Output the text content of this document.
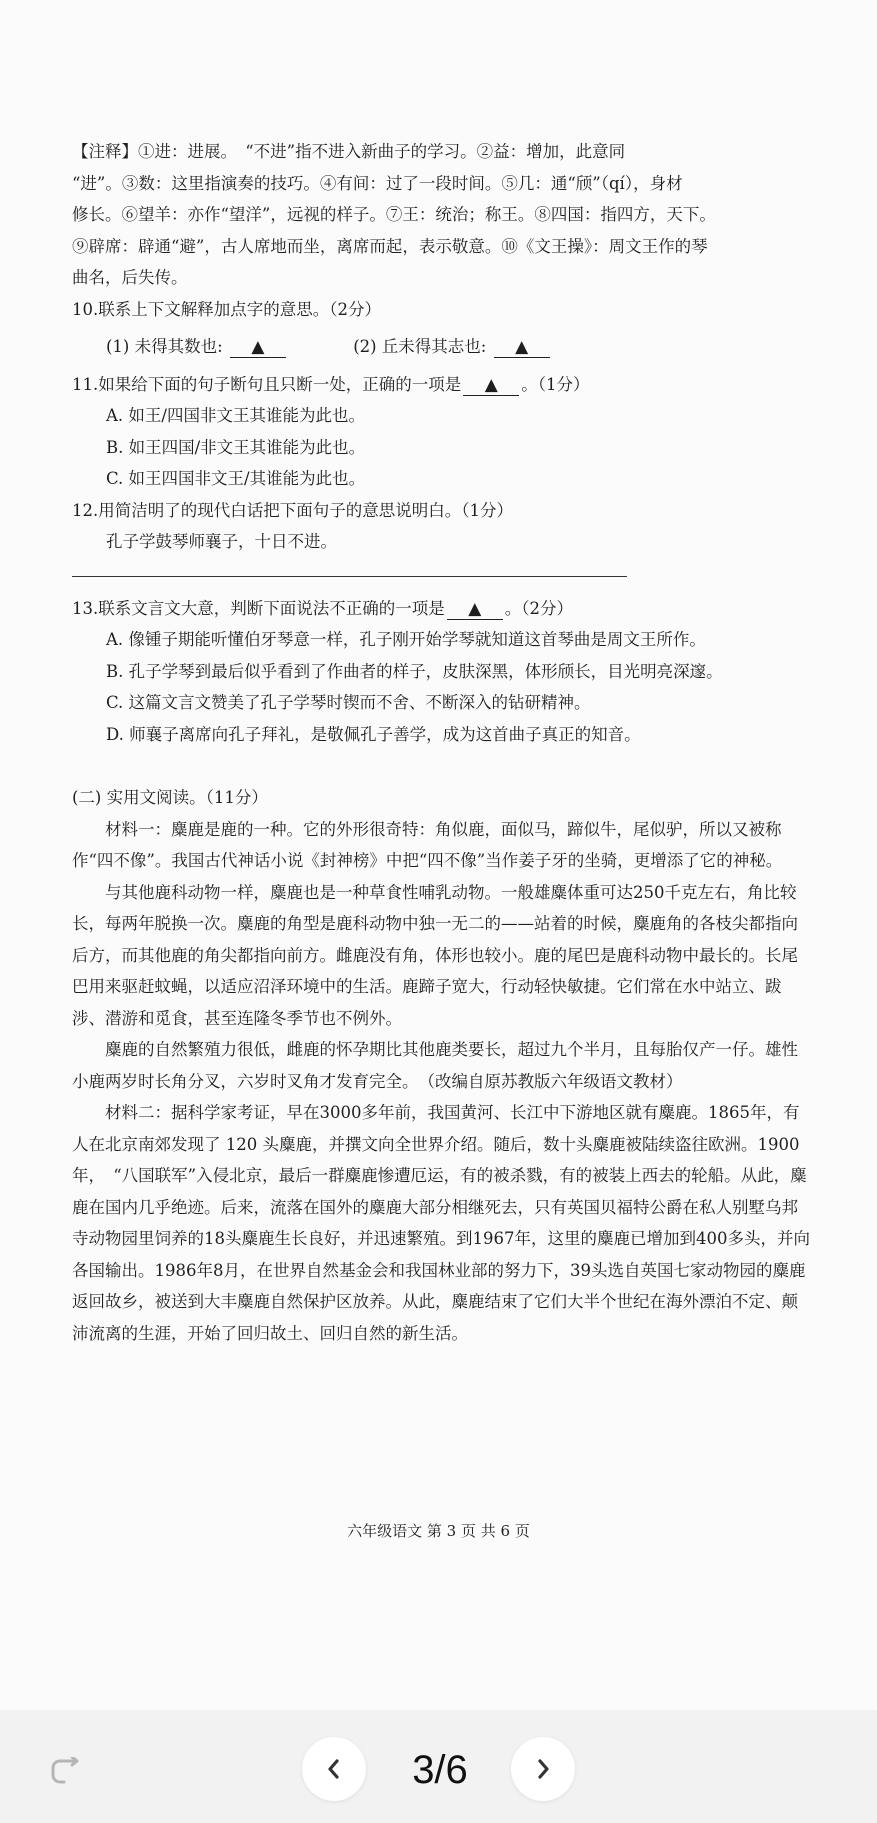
【注释】①进：进展。　“不进”指不进入新曲子的学习。②益：增加，此意同

“进”。③数：这里指演奏的技巧。④有间：过了一段时间。⑤几：通“颀”（qí），身材

修长。⑥望羊：亦作“望洋”，远视的样子。⑦王：统治；称王。⑧四国：指四方，天下。

⑨辟席：辟通“避”，古人席地而坐，离席而起，表示敬意。⑩《文王操》：周文王作的琴

曲名，后失传。

10.联系上下文解释加点字的意思。（2分）

(1) 未得其数也: ▲	(2) 丘未得其志也: ▲

11.如果给下面的句子断句且只断一处，正确的一项是 ▲ 。（1分）

A. 如王/四国非文王其谁能为此也。

B. 如王四国/非文王其谁能为此也。

C. 如王四国非文王/其谁能为此也。

12.用简洁明了的现代白话把下面句子的意思说明白。（1分）

孔子学鼓琴师襄子，十日不进。

13.联系文言文大意，判断下面说法不正确的一项是 ▲ 。（2分）

A. 像锺子期能听懂伯牙琴意一样，孔子刚开始学琴就知道这首琴曲是周文王所作。

B. 孔子学琴到最后似乎看到了作曲者的样子，皮肤深黑，体形颀长，目光明亮深邃。

C. 这篇文言文赞美了孔子学琴时锲而不舍、不断深入的钻研精神。

D. 师襄子离席向孔子拜礼，是敬佩孔子善学，成为这首曲子真正的知音。

(二) 实用文阅读。（11分）

材料一：麋鹿是鹿的一种。它的外形很奇特：角似鹿，面似马，蹄似牛，尾似驴，所以又被称作“四不像”。我国古代神话小说《封神榜》中把“四不像”当作姜子牙的坐骑，更增添了它的神秘。

与其他鹿科动物一样，麋鹿也是一种草食性哺乳动物。一般雄麋体重可达250千克左右，角比较长，每两年脱换一次。麋鹿的角型是鹿科动物中独一无二的——站着的时候，麋鹿角的各枝尖都指向后方，而其他鹿的角尖都指向前方。雌鹿没有角，体形也较小。鹿的尾巴是鹿科动物中最长的。长尾巴用来驱赶蚊蝇，以适应沼泽环境中的生活。鹿蹄子宽大，行动轻快敏捷。它们常在水中站立、跋涉、潜游和觅食，甚至连隆冬季节也不例外。

麋鹿的自然繁殖力很低，雌鹿的怀孕期比其他鹿类要长，超过九个半月，且每胎仅产一仔。雄性小鹿两岁时长角分叉，六岁时叉角才发育完全。　（改编自原苏教版六年级语文教材）

材料二：据科学家考证，早在3000多年前，我国黄河、长江中下游地区就有麋鹿。1865年，有人在北京南郊发现了 120 头麋鹿，并撰文向全世界介绍。随后，数十头麋鹿被陆续盗往欧洲。1900年，　“八国联军”入侵北京，最后一群麋鹿惨遭厄运，有的被杀戮，有的被装上西去的轮船。从此，麋鹿在国内几乎绝迹。后来，流落在国外的麋鹿大部分相继死去，只有英国贝福特公爵在私人别墅乌邦寺动物园里饲养的18头麋鹿生长良好，并迅速繁殖。到1967年，这里的麋鹿已增加到400多头，并向各国输出。1986年8月，在世界自然基金会和我国林业部的努力下，39头选自英国七家动物园的麋鹿返回故乡，被送到大丰麋鹿自然保护区放养。从此，麋鹿结束了它们大半个世纪在海外漂泊不定、颠沛流离的生涯，开始了回归故土、回归自然的新生活。

六年级语文 第 3 页 共 6 页
3/6
